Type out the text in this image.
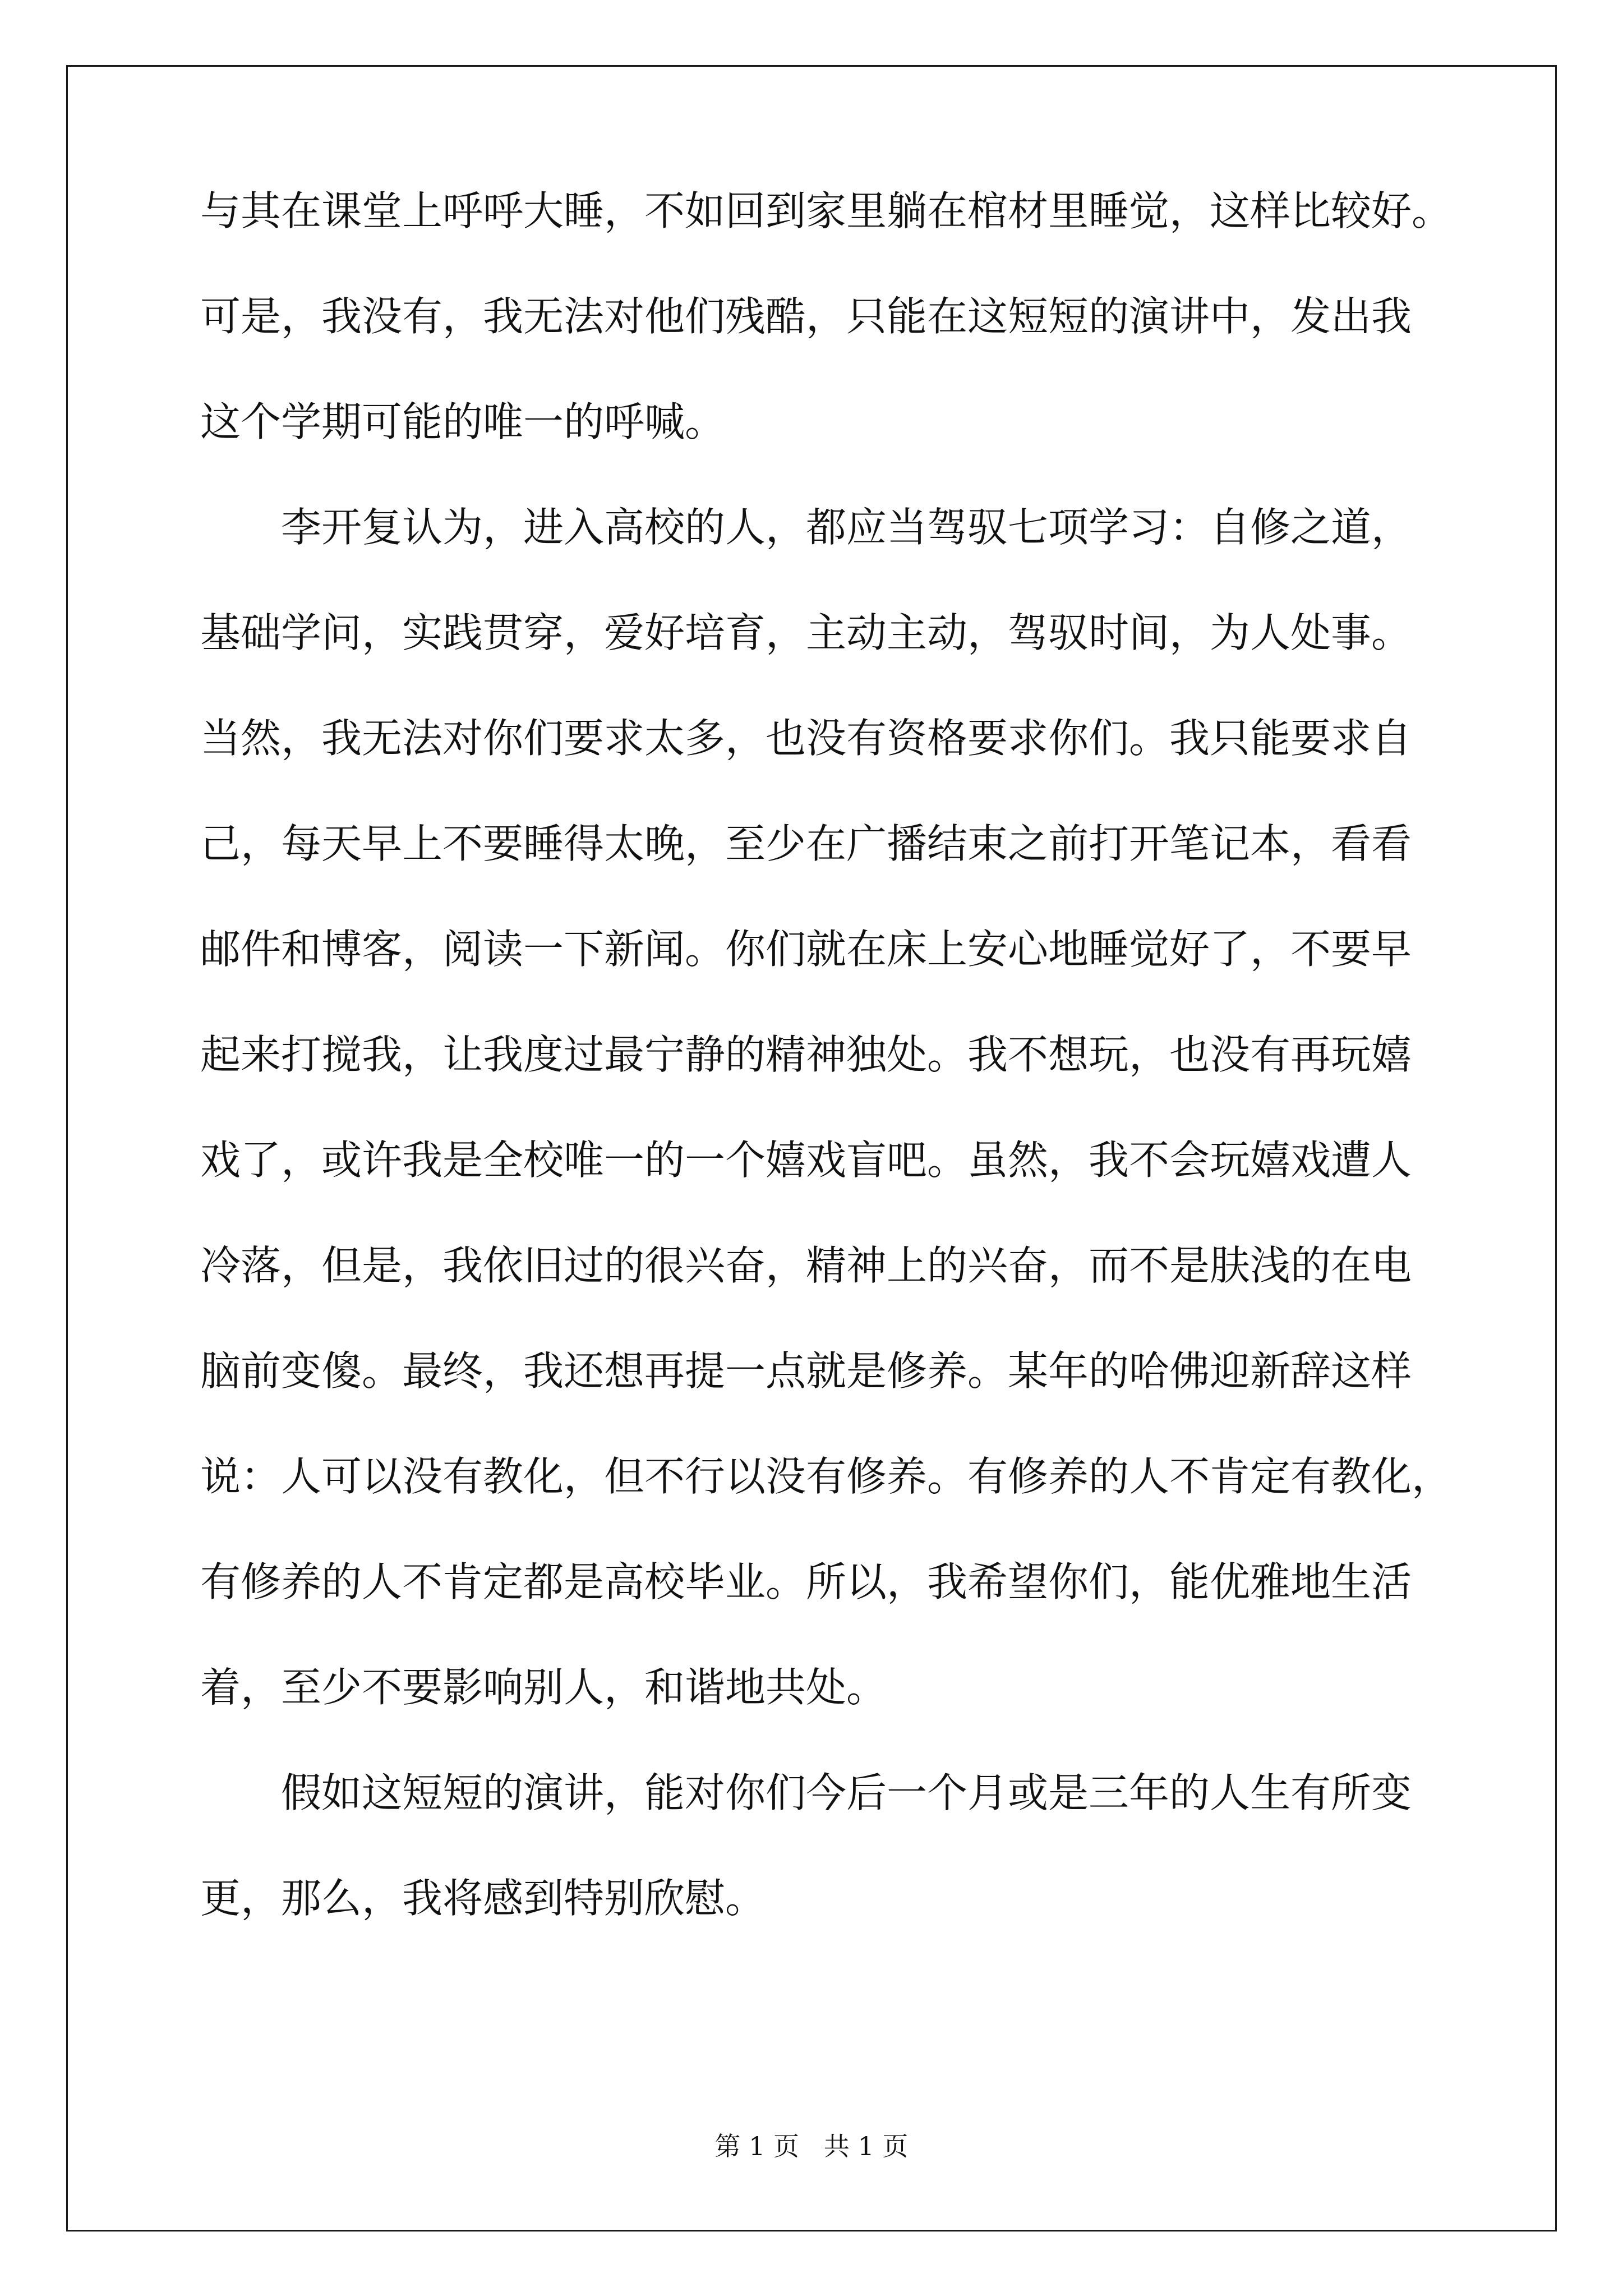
与其在课堂上呼呼大睡，不如回到家里躺在棺材里睡觉，这样比较好。
可是，我没有，我无法对他们残酷，只能在这短短的演讲中，发出我
这个学期可能的唯一的呼喊。
李开复认为，进入高校的人，都应当驾驭七项学习：自修之道，
基础学问，实践贯穿，爱好培育，主动主动，驾驭时间，为人处事。
当然，我无法对你们要求太多，也没有资格要求你们。我只能要求自
己，每天早上不要睡得太晚，至少在广播结束之前打开笔记本，看看
邮件和博客，阅读一下新闻。你们就在床上安心地睡觉好了，不要早
起来打搅我，让我度过最宁静的精神独处。我不想玩，也没有再玩嬉
戏了，或许我是全校唯一的一个嬉戏盲吧。虽然，我不会玩嬉戏遭人
冷落，但是，我依旧过的很兴奋，精神上的兴奋，而不是肤浅的在电
脑前变傻。最终，我还想再提一点就是修养。某年的哈佛迎新辞这样
说：人可以没有教化，但不行以没有修养。有修养的人不肯定有教化，
有修养的人不肯定都是高校毕业。所以，我希望你们，能优雅地生活
着，至少不要影响别人，和谐地共处。
假如这短短的演讲，能对你们今后一个月或是三年的人生有所变
更，那么，我将感到特别欣慰。
第 1 页   共 1 页
